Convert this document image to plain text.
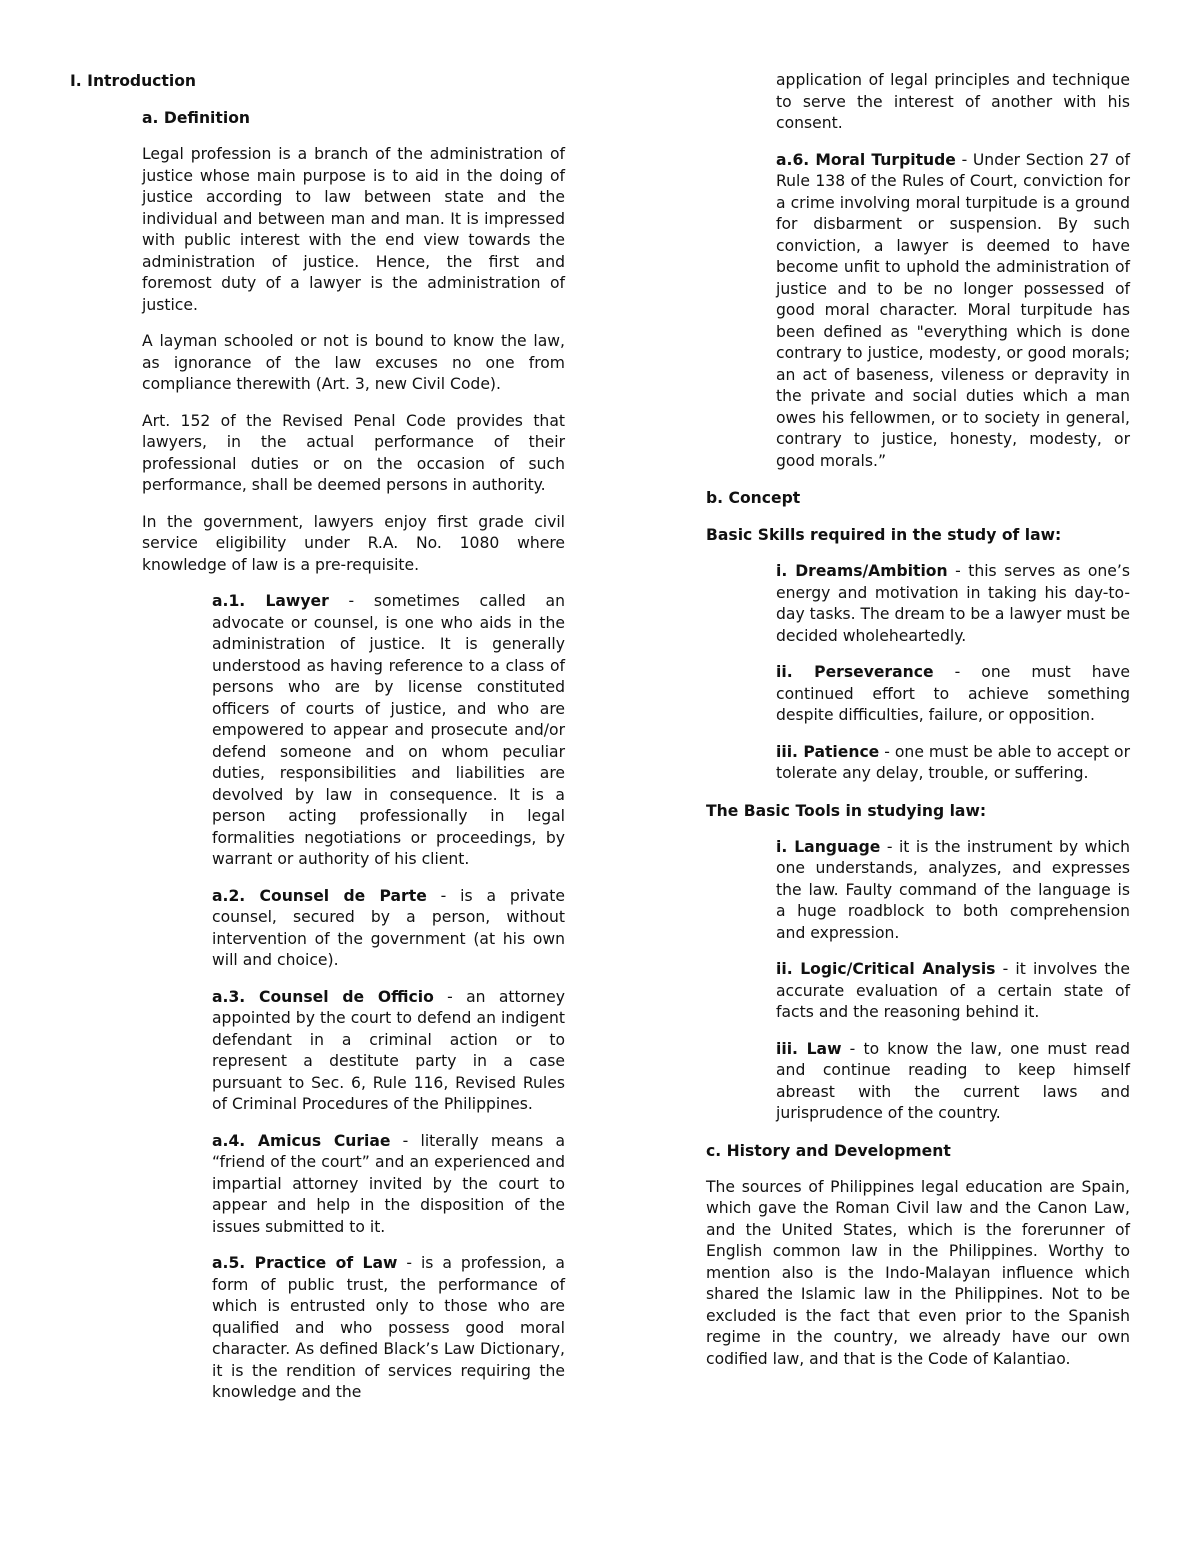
I. Introduction
a. Definition

Legal profession is a branch of the administration of justice whose main purpose is to aid in the doing of justice according to law between state and the individual and between man and man. It is impressed with public interest with the end view towards the administration of justice. Hence, the first and foremost duty of a lawyer is the administration of justice.

A layman schooled or not is bound to know the law, as ignorance of the law excuses no one from compliance therewith (Art. 3, new Civil Code).

Art. 152 of the Revised Penal Code provides that lawyers, in the actual performance of their professional duties or on the occasion of such performance, shall be deemed persons in authority.

In the government, lawyers enjoy first grade civil service eligibility under R.A. No. 1080 where knowledge of law is a pre-requisite.

a.1. Lawyer - sometimes called an advocate or counsel, is one who aids in the administration of justice. It is generally understood as having reference to a class of persons who are by license constituted officers of courts of justice, and who are empowered to appear and prosecute and/or defend someone and on whom peculiar duties, responsibilities and liabilities are devolved by law in consequence. It is a person acting professionally in legal formalities negotiations or proceedings, by warrant or authority of his client.

a.2. Counsel de Parte - is a private counsel, secured by a person, without intervention of the government (at his own will and choice).

a.3. Counsel de Officio - an attorney appointed by the court to defend an indigent defendant in a criminal action or to represent a destitute party in a case pursuant to Sec. 6, Rule 116, Revised Rules of Criminal Procedures of the Philippines.

a.4. Amicus Curiae - literally means a “friend of the court” and an experienced and impartial attorney invited by the court to appear and help in the disposition of the issues submitted to it.

a.5. Practice of Law - is a profession, a form of public trust, the performance of which is entrusted only to those who are qualified and who possess good moral character. As defined Black’s Law Dictionary, it is the rendition of services requiring the knowledge and the

application of legal principles and technique to serve the interest of another with his consent.

a.6. Moral Turpitude - Under Section 27 of Rule 138 of the Rules of Court, conviction for a crime involving moral turpitude is a ground for disbarment or suspension. By such conviction, a lawyer is deemed to have become unfit to uphold the administration of justice and to be no longer possessed of good moral character. Moral turpitude has been defined as "everything which is done contrary to justice, modesty, or good morals; an act of baseness, vileness or depravity in the private and social duties which a man owes his fellowmen, or to society in general, contrary to justice, honesty, modesty, or good morals.”

b. Concept
Basic Skills required in the study of law:

i. Dreams/Ambition - this serves as one’s energy and motivation in taking his day-to-day tasks. The dream to be a lawyer must be decided wholeheartedly.

ii. Perseverance - one must have continued effort to achieve something despite difficulties, failure, or opposition.

iii. Patience - one must be able to accept or tolerate any delay, trouble, or suffering.

The Basic Tools in studying law:

i. Language - it is the instrument by which one understands, analyzes, and expresses the law. Faulty command of the language is a huge roadblock to both comprehension and expression.

ii. Logic/Critical Analysis - it involves the accurate evaluation of a certain state of facts and the reasoning behind it.

iii. Law - to know the law, one must read and continue reading to keep himself abreast with the current laws and jurisprudence of the country.

c. History and Development

The sources of Philippines legal education are Spain, which gave the Roman Civil law and the Canon Law, and the United States, which is the forerunner of English common law in the Philippines. Worthy to mention also is the Indo-Malayan influence which shared the Islamic law in the Philippines. Not to be excluded is the fact that even prior to the Spanish regime in the country, we already have our own codified law, and that is the Code of Kalantiao.
